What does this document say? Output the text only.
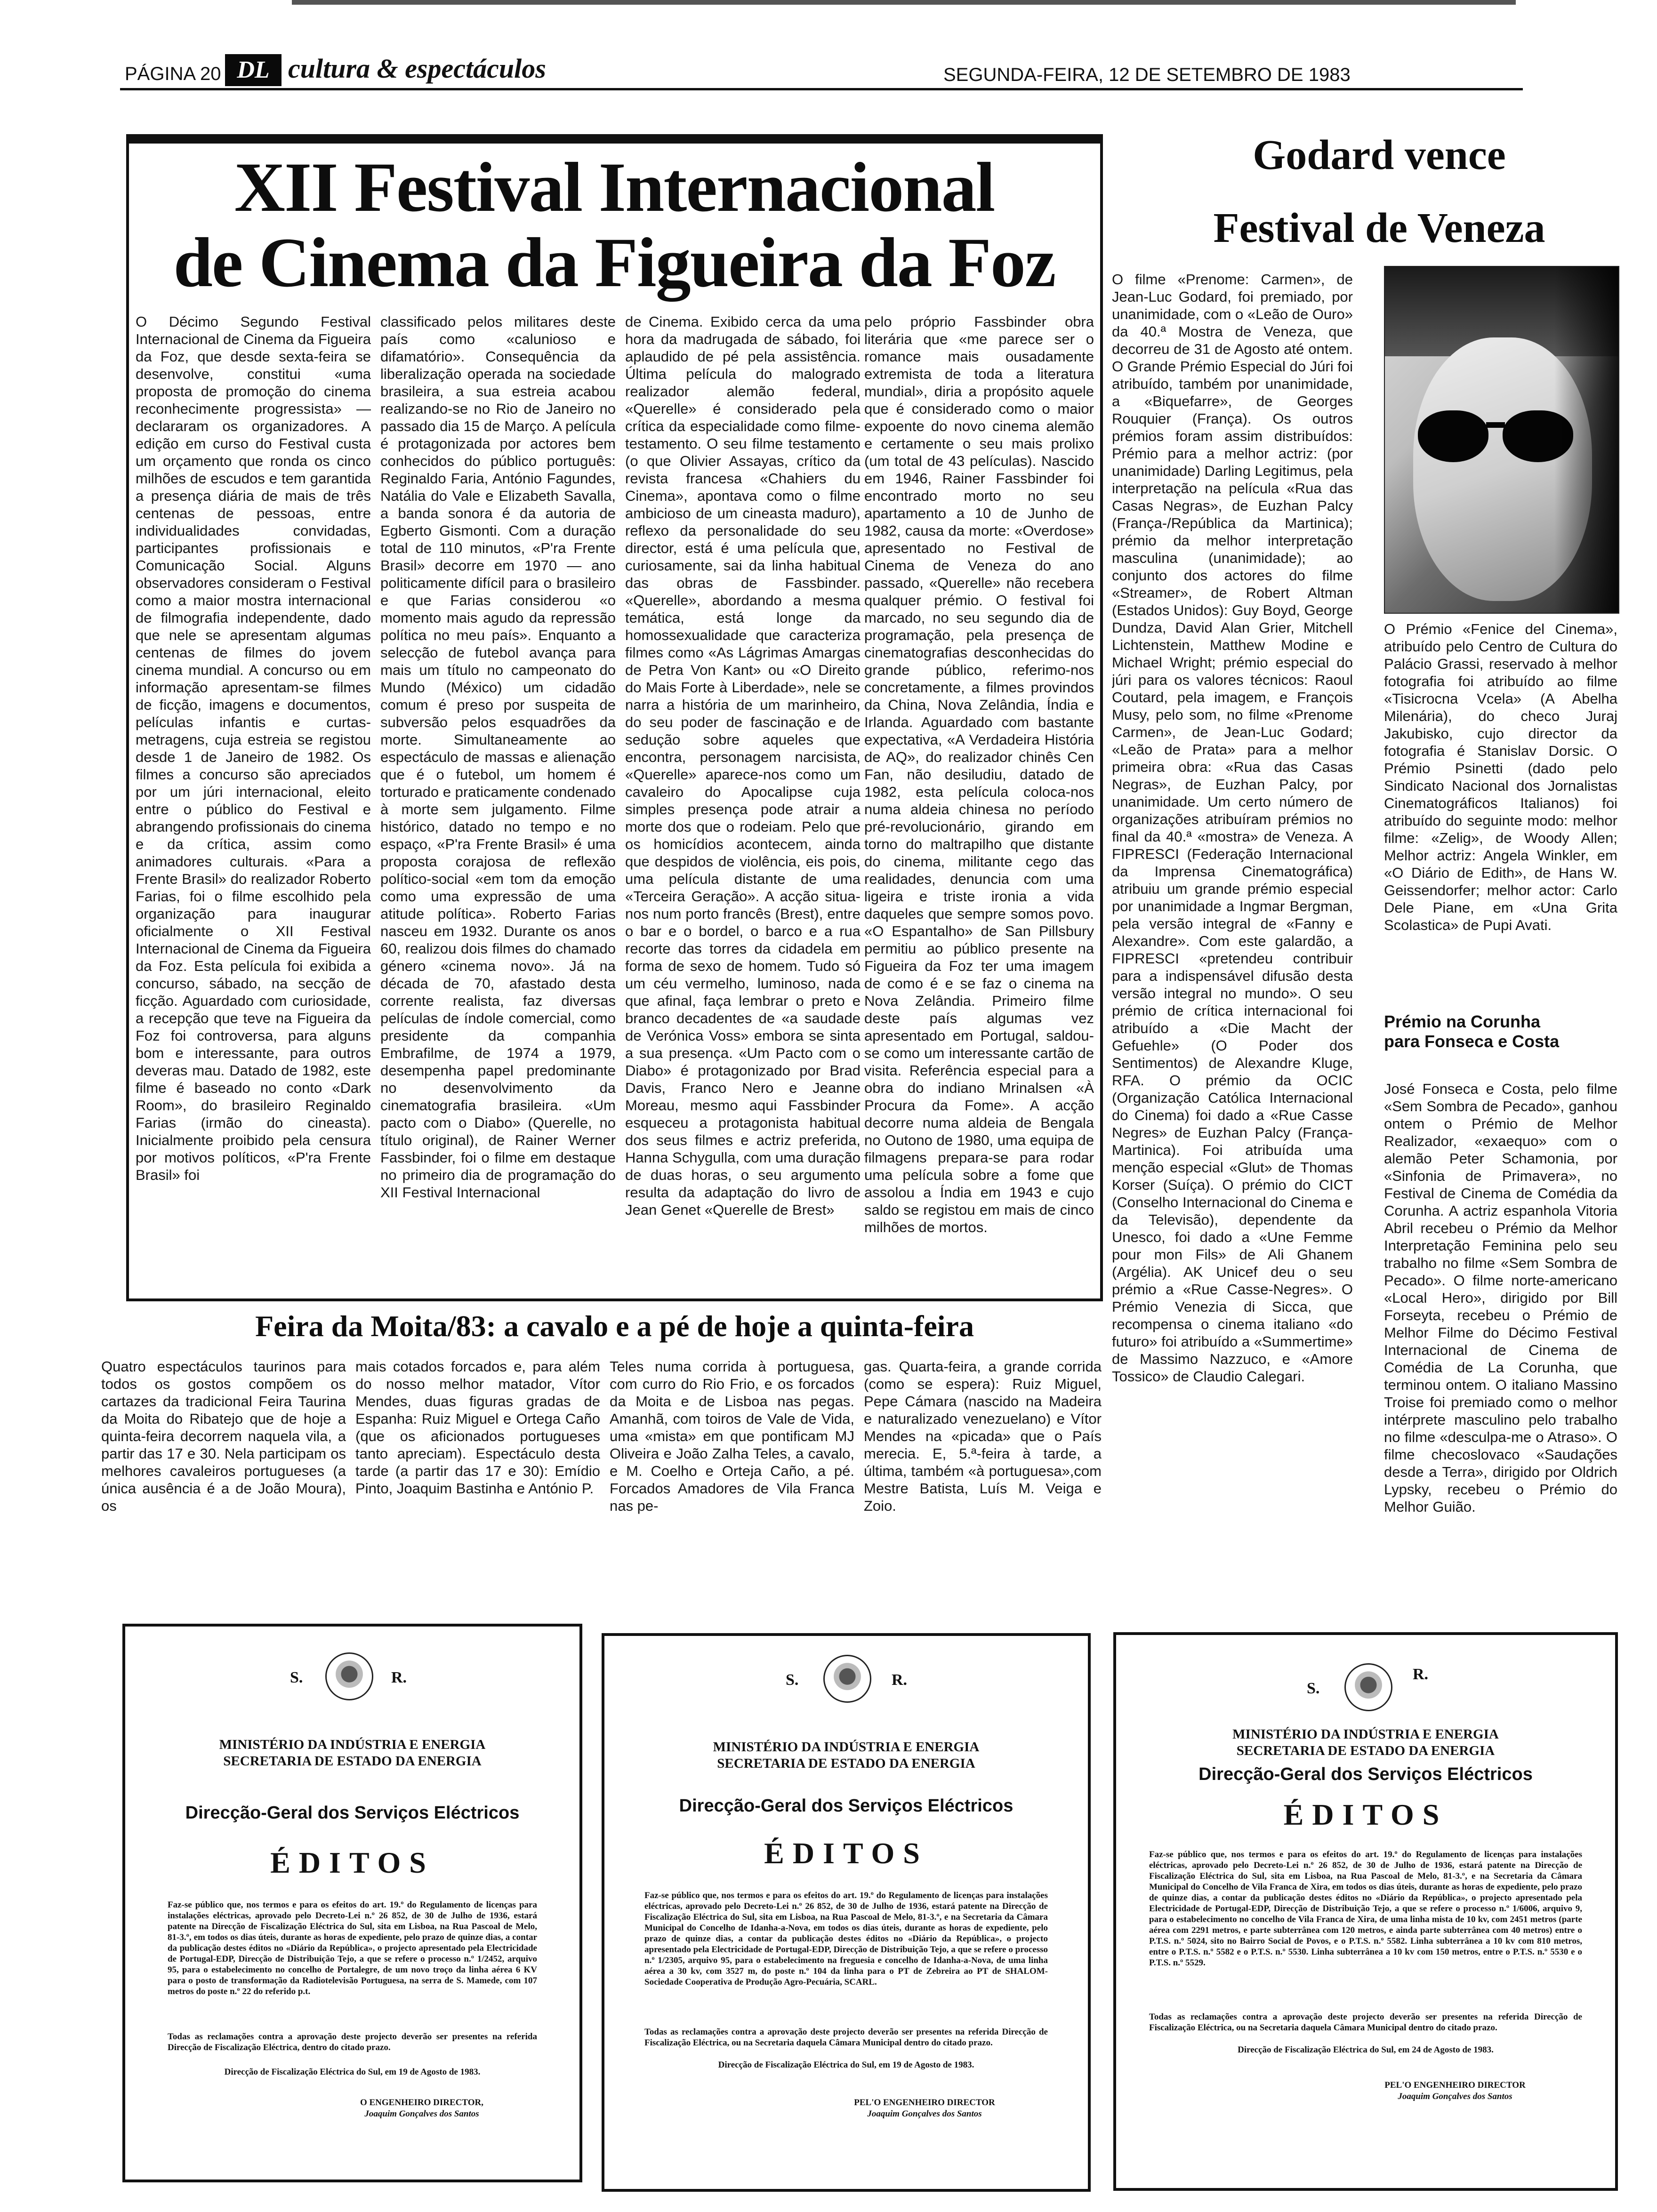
PÁGINA 20 DL cultura & espectáculos	SEGUNDA-FEIRA, 12 DE SETEMBRO DE 1983
XII Festival Internacional
de Cinema da Figueira da Foz
O Décimo Segundo Festival Internacional de Cinema da Figueira da Foz, que desde sexta-feira se desenvolve, constitui «uma proposta de promoção do cinema reconhecimente progressista» — declararam os organizadores. A edição em curso do Festival custa um orçamento que ronda os cinco milhões de escudos e tem garantida a presença diária de mais de três centenas de pessoas, entre individualidades convidadas, participantes profissionais e Comunicação Social. Alguns observadores consideram o Festival como a maior mostra internacional de filmografia independente, dado que nele se apresentam algumas centenas de filmes do jovem cinema mundial. A concurso ou em informação apresentam-se filmes de ficção, imagens e documentos, películas infantis e curtas-metragens, cuja estreia se registou desde 1 de Janeiro de 1982. Os filmes a concurso são apreciados por um júri internacional, eleito entre o público do Festival e abrangendo profissionais do cinema e da crítica, assim como animadores culturais. «Para a Frente Brasil» do realizador Roberto Farias, foi o filme escolhido pela organização para inaugurar oficialmente o XII Festival Internacional de Cinema da Figueira da Foz. Esta película foi exibida a concurso, sábado, na secção de ficção. Aguardado com curiosidade, a recepção que teve na Figueira da Foz foi controversa, para alguns bom e interessante, para outros deveras mau. Datado de 1982, este filme é baseado no conto «Dark Room», do brasileiro Reginaldo Farias (irmão do cineasta). Inicialmente proibido pela censura por motivos políticos, «P'ra Frente Brasil» foi
classificado pelos militares deste país como «calunioso e difamatório». Consequência da liberalização operada na sociedade brasileira, a sua estreia acabou realizando-se no Rio de Janeiro no passado dia 15 de Março. A película é protagonizada por actores bem conhecidos do público português: Reginaldo Faria, António Fagundes, Natália do Vale e Elizabeth Savalla, a banda sonora é da autoria de Egberto Gismonti. Com a duração total de 110 minutos, «P'ra Frente Brasil» decorre em 1970 — ano politicamente difícil para o brasileiro e que Farias considerou «o momento mais agudo da repressão política no meu país». Enquanto a selecção de futebol avança para mais um título no campeonato do Mundo (México) um cidadão comum é preso por suspeita de subversão pelos esquadrões da morte. Simultaneamente ao espectáculo de massas e alienação que é o futebol, um homem é torturado e praticamente condenado à morte sem julgamento. Filme histórico, datado no tempo e no espaço, «P'ra Frente Brasil» é uma proposta corajosa de reflexão político-social «em tom da emoção como uma expressão de uma atitude política». Roberto Farias nasceu em 1932. Durante os anos 60, realizou dois filmes do chamado género «cinema novo». Já na década de 70, afastado desta corrente realista, faz diversas películas de índole comercial, como presidente da companhia Embrafilme, de 1974 a 1979, desempenha papel predominante no desenvolvimento da cinematografia brasileira. «Um pacto com o Diabo» (Querelle, no título original), de Rainer Werner Fassbinder, foi o filme em destaque no primeiro dia de programação do XII Festival Internacional
de Cinema. Exibido cerca da uma hora da madrugada de sábado, foi aplaudido de pé pela assistência. Última película do malogrado realizador alemão federal, «Querelle» é considerado pela crítica da especialidade como filme-testamento. O seu filme testamento (o que Olivier Assayas, crítico da revista francesa «Chahiers du Cinema», apontava como o filme ambicioso de um cineasta maduro), reflexo da personalidade do seu director, está é uma película que, curiosamente, sai da linha habitual das obras de Fassbinder. «Querelle», abordando a mesma temática, está longe da homossexualidade que caracteriza filmes como «As Lágrimas Amargas de Petra Von Kant» ou «O Direito do Mais Forte à Liberdade», nele se narra a história de um marinheiro, do seu poder de fascinação e de sedução sobre aqueles que encontra, personagem narcisista, «Querelle» aparece-nos como um cavaleiro do Apocalipse cuja simples presença pode atrair a morte dos que o rodeiam. Pelo que os homicídios acontecem, ainda que despidos de violência, eis pois, uma película distante de uma «Terceira Geração». A acção situa-nos num porto francês (Brest), entre o bar e o bordel, o barco e a rua recorte das torres da cidadela em forma de sexo de homem. Tudo só um céu vermelho, luminoso, nada que afinal, faça lembrar o preto e branco decadentes de «a saudade de Verónica Voss» embora se sinta a sua presença. «Um Pacto com o Diabo» é protagonizado por Brad Davis, Franco Nero e Jeanne Moreau, mesmo aqui Fassbinder esqueceu a protagonista habitual dos seus filmes e actriz preferida, Hanna Schygulla, com uma duração de duas horas, o seu argumento resulta da adaptação do livro de Jean Genet «Querelle de Brest»
pelo próprio Fassbinder obra literária que «me parece ser o romance mais ousadamente extremista de toda a literatura mundial», diria a propósito aquele que é considerado como o maior expoente do novo cinema alemão e certamente o seu mais prolixo (um total de 43 películas). Nascido em 1946, Rainer Fassbinder foi encontrado morto no seu apartamento a 10 de Junho de 1982, causa da morte: «Overdose» apresentado no Festival de Cinema de Veneza do ano passado, «Querelle» não recebera qualquer prémio. O festival foi marcado, no seu segundo dia de programação, pela presença de cinematografias desconhecidas do grande público, referimo-nos concretamente, a filmes provindos da China, Nova Zelândia, Índia e Irlanda. Aguardado com bastante expectativa, «A Verdadeira História de AQ», do realizador chinês Cen Fan, não desiludiu, datado de 1982, esta película coloca-nos numa aldeia chinesa no período pré-revolucionário, girando em torno do maltrapilho que distante do cinema, militante cego das realidades, denuncia com uma ligeira e triste ironia a vida daqueles que sempre somos povo. «O Espantalho» de San Pillsbury permitiu ao público presente na Figueira da Foz ter uma imagem de como é e se faz o cinema na Nova Zelândia. Primeiro filme deste país algumas vez apresentado em Portugal, saldou-se como um interessante cartão de visita. Referência especial para a obra do indiano Mrinalsen «À Procura da Fome». A acção decorre numa aldeia de Bengala no Outono de 1980, uma equipa de filmagens prepara-se para rodar uma película sobre a fome que assolou a Índia em 1943 e cujo saldo se registou em mais de cinco milhões de mortos.
Godard vence
Festival de Veneza
O filme «Prenome: Carmen», de Jean-Luc Godard, foi premiado, por unanimidade, com o «Leão de Ouro» da 40.ª Mostra de Veneza, que decorreu de 31 de Agosto até ontem. O Grande Prémio Especial do Júri foi atribuído, também por unanimidade, a «Biquefarre», de Georges Rouquier (França). Os outros prémios foram assim distribuídos: Prémio para a melhor actriz: (por unanimidade) Darling Legitimus, pela interpretação na película «Rua das Casas Negras», de Euzhan Palcy (França-/República da Martinica); prémio da melhor interpretação masculina (unanimidade); ao conjunto dos actores do filme «Streamer», de Robert Altman (Estados Unidos): Guy Boyd, George Dundza, David Alan Grier, Mitchell Lichtenstein, Matthew Modine e Michael Wright; prémio especial do júri para os valores técnicos: Raoul Coutard, pela imagem, e François Musy, pelo som, no filme «Prenome Carmen», de Jean-Luc Godard; «Leão de Prata» para a melhor primeira obra: «Rua das Casas Negras», de Euzhan Palcy, por unanimidade. Um certo número de organizações atribuíram prémios no final da 40.ª «mostra» de Veneza. A FIPRESCI (Federação Internacional da Imprensa Cinematográfica) atribuiu um grande prémio especial por unanimidade a Ingmar Bergman, pela versão integral de «Fanny e Alexandre». Com este galardão, a FIPRESCI «pretendeu contribuir para a indispensável difusão desta versão integral no mundo». O seu prémio de crítica internacional foi atribuído a «Die Macht der Gefuehle» (O Poder dos Sentimentos) de Alexandre Kluge, RFA. O prémio da OCIC (Organização Católica Internacional do Cinema) foi dado a «Rue Casse Negres» de Euzhan Palcy (França-Martinica). Foi atribuída uma menção especial «Glut» de Thomas Korser (Suíça). O prémio do CICT (Conselho Internacional do Cinema e da Televisão), dependente da Unesco, foi dado a «Une Femme pour mon Fils» de Ali Ghanem (Argélia). AK Unicef deu o seu prémio a «Rue Casse-Negres». O Prémio Venezia di Sicca, que recompensa o cinema italiano «do futuro» foi atribuído a «Summertime» de Massimo Nazzuco, e «Amore Tossico» de Claudio Calegari.
O Prémio «Fenice del Cinema», atribuído pelo Centro de Cultura do Palácio Grassi, reservado à melhor fotografia foi atribuído ao filme «Tisicrocna Vcela» (A Abelha Milenária), do checo Juraj Jakubisko, cujo director da fotografia é Stanislav Dorsic. O Prémio Psinetti (dado pelo Sindicato Nacional dos Jornalistas Cinematográficos Italianos) foi atribuído do seguinte modo: melhor filme: «Zelig», de Woody Allen; Melhor actriz: Angela Winkler, em «O Diário de Edith», de Hans W. Geissendorfer; melhor actor: Carlo Dele Piane, em «Una Grita Scolastica» de Pupi Avati.
Prémio na Corunha
para Fonseca e Costa
José Fonseca e Costa, pelo filme «Sem Sombra de Pecado», ganhou ontem o Prémio de Melhor Realizador, «exaequo» com o alemão Peter Schamonia, por «Sinfonia de Primavera», no Festival de Cinema de Comédia da Corunha. A actriz espanhola Vitoria Abril recebeu o Prémio da Melhor Interpretação Feminina pelo seu trabalho no filme «Sem Sombra de Pecado». O filme norte-americano «Local Hero», dirigido por Bill Forseyta, recebeu o Prémio de Melhor Filme do Décimo Festival Internacional de Cinema de Comédia de La Corunha, que terminou ontem. O italiano Massino Troise foi premiado como o melhor intérprete masculino pelo trabalho no filme «desculpa-me o Atraso». O filme checoslovaco «Saudações desde a Terra», dirigido por Oldrich Lypsky, recebeu o Prémio do Melhor Guião.
Feira da Moita/83: a cavalo e a pé de hoje a quinta-feira
Quatro espectáculos taurinos para todos os gostos compõem os cartazes da tradicional Feira Taurina da Moita do Ribatejo que de hoje a quinta-feira decorrem naquela vila, a partir das 17 e 30. Nela participam os melhores cavaleiros portugueses (a única ausência é a de João Moura), os
mais cotados forcados e, para além do nosso melhor matador, Vítor Mendes, duas figuras gradas de Espanha: Ruiz Miguel e Ortega Caño (que os aficionados portugueses tanto apreciam). Espectáculo desta tarde (a partir das 17 e 30): Emídio Pinto, Joaquim Bastinha e António P.
Teles numa corrida à portuguesa, com curro do Rio Frio, e os forcados da Moita e de Lisboa nas pegas. Amanhã, com toiros de Vale de Vida, uma «mista» em que pontificam MJ Oliveira e João Zalha Teles, a cavalo, e M. Coelho e Orteja Caño, a pé. Forcados Amadores de Vila Franca nas pe-
gas. Quarta-feira, a grande corrida (como se espera): Ruiz Miguel, Pepe Cámara (nascido na Madeira e naturalizado venezuelano) e Vítor Mendes na «picada» que o País merecia. E, 5.ª-feira à tarde, a última, também «à portuguesa»,com Mestre Batista, Luís M. Veiga e Zoio.
S.	R.
MINISTÉRIO DA INDÚSTRIA E ENERGIA
SECRETARIA DE ESTADO DA ENERGIA
Direcção-Geral dos Serviços Eléctricos
ÉDITOS
Faz-se público que, nos termos e para os efeitos do art. 19.º do Regulamento de licenças para instalações eléctricas, aprovado pelo Decreto-Lei n.º 26 852, de 30 de Julho de 1936, estará patente na Direcção de Fiscalização Eléctrica do Sul, sita em Lisboa, na Rua Pascoal de Melo, 81-3.º, em todos os dias úteis, durante as horas de expediente, pelo prazo de quinze dias, a contar da publicação destes éditos no «Diário da República», o projecto apresentado pela Electricidade de Portugal-EDP, Direcção de Distribuição Tejo, a que se refere o processo n.º 1/2452, arquivo 95, para o estabelecimento no concelho de Portalegre, de um novo troço da linha aérea 6 KV para o posto de transformação da Radiotelevisão Portuguesa, na serra de S. Mamede, com 107 metros do poste n.º 22 do referido p.t.
Todas as reclamações contra a aprovação deste projecto deverão ser presentes na referida Direcção de Fiscalização Eléctrica, dentro do citado prazo.
Direcção de Fiscalização Eléctrica do Sul, em 19 de Agosto de 1983.
O ENGENHEIRO DIRECTOR,
Joaquim Gonçalves dos Santos
S.	R.
MINISTÉRIO DA INDÚSTRIA E ENERGIA
SECRETARIA DE ESTADO DA ENERGIA
Direcção-Geral dos Serviços Eléctricos
ÉDITOS
Faz-se público que, nos termos e para os efeitos do art. 19.º do Regulamento de licenças para instalações eléctricas, aprovado pelo Decreto-Lei n.º 26 852, de 30 de Julho de 1936, estará patente na Direcção de Fiscalização Eléctrica do Sul, sita em Lisboa, na Rua Pascoal de Melo, 81-3.º, e na Secretaria da Câmara Municipal do Concelho de Idanha-a-Nova, em todos os dias úteis, durante as horas de expediente, pelo prazo de quinze dias, a contar da publicação destes éditos no «Diário da República», o projecto apresentado pela Electricidade de Portugal-EDP, Direcção de Distribuição Tejo, a que se refere o processo n.º 1/2305, arquivo 95, para o estabelecimento na freguesia e concelho de Idanha-a-Nova, de uma linha aérea a 30 kv, com 3527 m, do poste n.º 104 da linha para o PT de Zebreira ao PT de SHALOM-Sociedade Cooperativa de Produção Agro-Pecuária, SCARL.
Todas as reclamações contra a aprovação deste projecto deverão ser presentes na referida Direcção de Fiscalização Eléctrica, ou na Secretaria daquela Câmara Municipal dentro do citado prazo.
Direcção de Fiscalização Eléctrica do Sul, em 19 de Agosto de 1983.
PEL'O ENGENHEIRO DIRECTOR
Joaquim Gonçalves dos Santos
S.
R.
MINISTÉRIO DA INDÚSTRIA E ENERGIA
SECRETARIA DE ESTADO DA ENERGIA
Direcção-Geral dos Serviços Eléctricos
ÉDITOS
Faz-se público que, nos termos e para os efeitos do art. 19.º do Regulamento de licenças para instalações eléctricas, aprovado pelo Decreto-Lei n.º 26 852, de 30 de Julho de 1936, estará patente na Direcção de Fiscalização Eléctrica do Sul, sita em Lisboa, na Rua Pascoal de Melo, 81-3.º, e na Secretaria da Câmara Municipal do Concelho de Vila Franca de Xira, em todos os dias úteis, durante as horas de expediente, pelo prazo de quinze dias, a contar da publicação destes éditos no «Diário da República», o projecto apresentado pela Electricidade de Portugal-EDP, Direcção de Distribuição Tejo, a que se refere o processo n.º 1/6006, arquivo 9, para o estabelecimento no concelho de Vila Franca de Xira, de uma linha mista de 10 kv, com 2451 metros (parte aérea com 2291 metros, e parte subterrânea com 120 metros, e ainda parte subterrânea com 40 metros) entre o P.T.S. n.º 5024, sito no Bairro Social de Povos, e o P.T.S. n.º 5582. Linha subterrânea a 10 kv com 810 metros, entre o P.T.S. n.º 5582 e o P.T.S. n.º 5530. Linha subterrânea a 10 kv com 150 metros, entre o P.T.S. n.º 5530 e o P.T.S. n.º 5529.
Todas as reclamações contra a aprovação deste projecto deverão ser presentes na referida Direcção de Fiscalização Eléctrica, ou na Secretaria daquela Câmara Municipal dentro do citado prazo.
Direcção de Fiscalização Eléctrica do Sul, em 24 de Agosto de 1983.
PEL'O ENGENHEIRO DIRECTOR
Joaquim Gonçalves dos Santos
